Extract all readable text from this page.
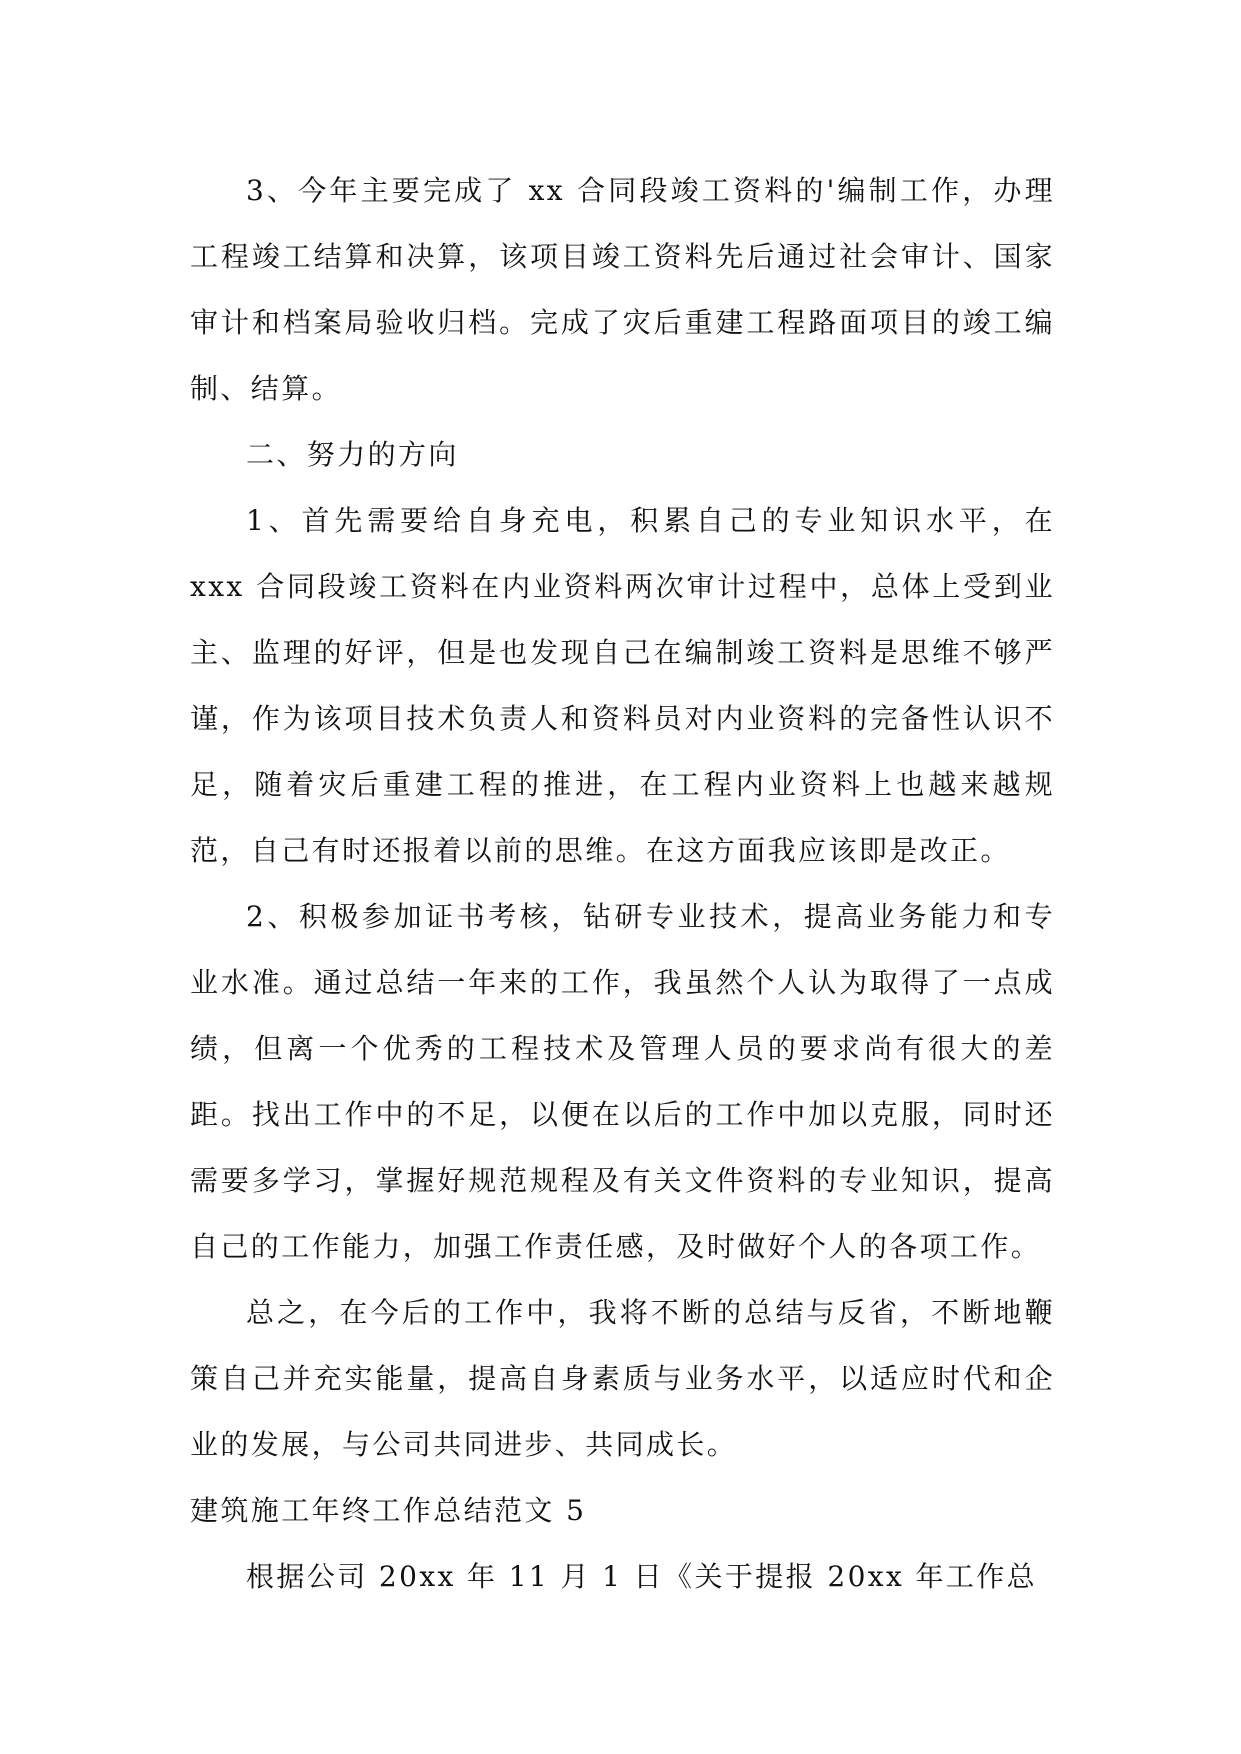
3、今年主要完成了 xx 合同段竣工资料的'编制工作，办理工程竣工结算和决算，该项目竣工资料先后通过社会审计、国家审计和档案局验收归档。完成了灾后重建工程路面项目的竣工编制、结算。

二、努力的方向

1、首先需要给自身充电，积累自己的专业知识水平，在 xxx 合同段竣工资料在内业资料两次审计过程中，总体上受到业主、监理的好评，但是也发现自己在编制竣工资料是思维不够严谨，作为该项目技术负责人和资料员对内业资料的完备性认识不足，随着灾后重建工程的推进，在工程内业资料上也越来越规范，自己有时还报着以前的思维。在这方面我应该即是改正。

2、积极参加证书考核，钻研专业技术，提高业务能力和专业水准。通过总结一年来的工作，我虽然个人认为取得了一点成绩，但离一个优秀的工程技术及管理人员的要求尚有很大的差距。找出工作中的不足，以便在以后的工作中加以克服，同时还需要多学习，掌握好规范规程及有关文件资料的专业知识，提高自己的工作能力，加强工作责任感，及时做好个人的各项工作。

总之，在今后的工作中，我将不断的总结与反省，不断地鞭策自己并充实能量，提高自身素质与业务水平，以适应时代和企业的发展，与公司共同进步、共同成长。

建筑施工年终工作总结范文 5

根据公司 20xx 年 11 月 1 日《关于提报 20xx 年工作总
